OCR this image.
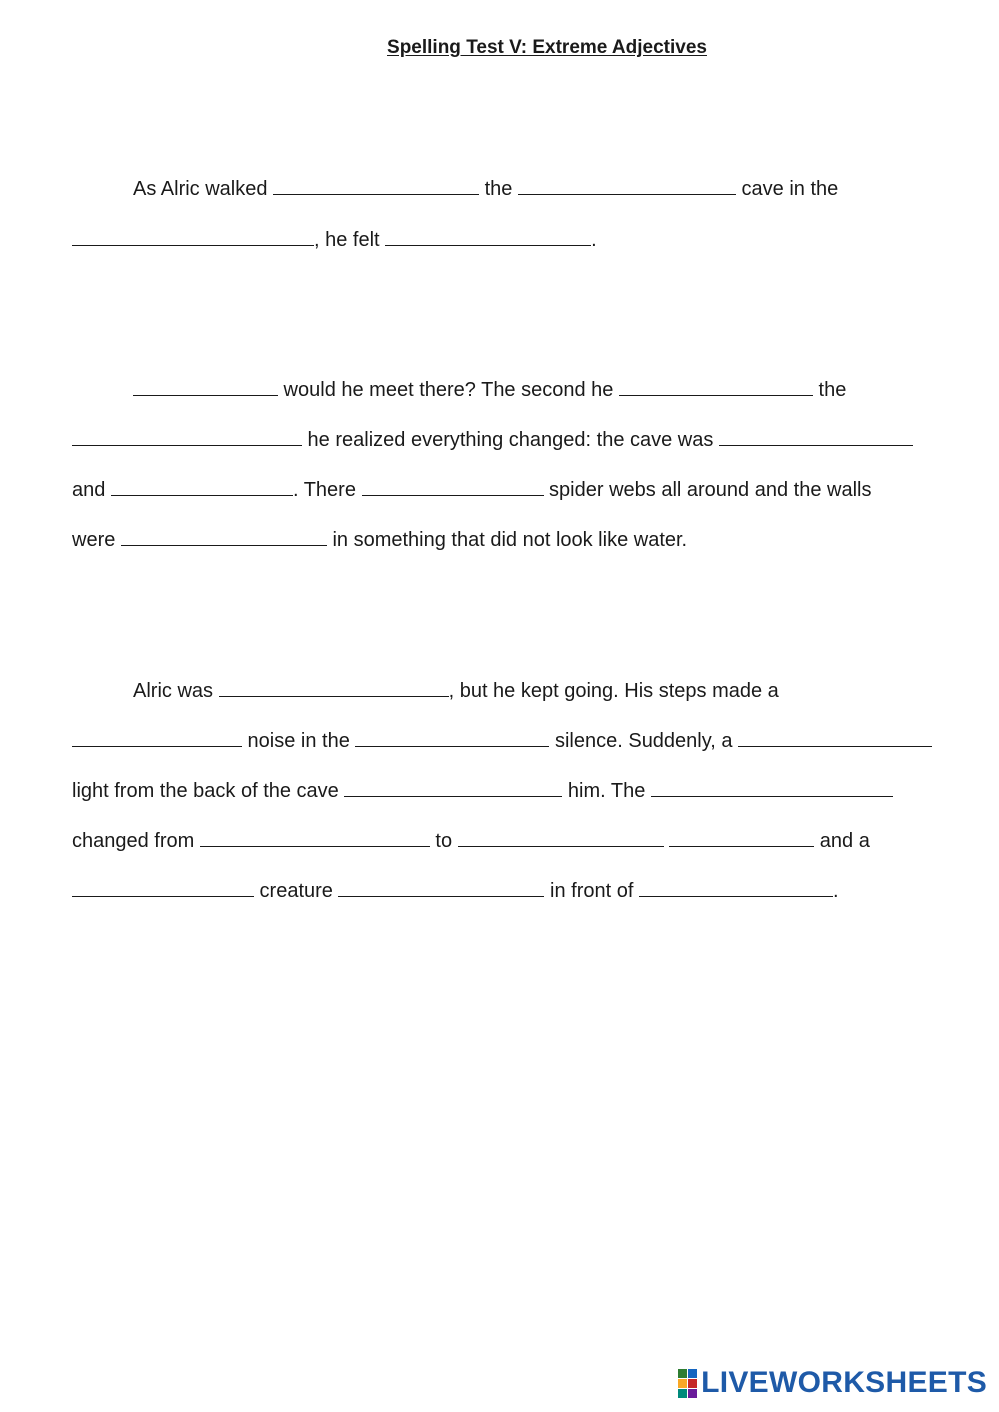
Spelling Test V: Extreme Adjectives

As Alric walked	the	cave in the

, he felt	.

would he meet there? The second he	the

he realized everything changed: the cave was

and	. There	spider webs all around and the walls

were	in something that did not look like water.

Alric was	, but he kept going. His steps made a

noise in the	silence. Suddenly, a

light from the back of the cave	him. The

changed from	to	and a

creature	in front of	.

LIVEWORKSHEETS
